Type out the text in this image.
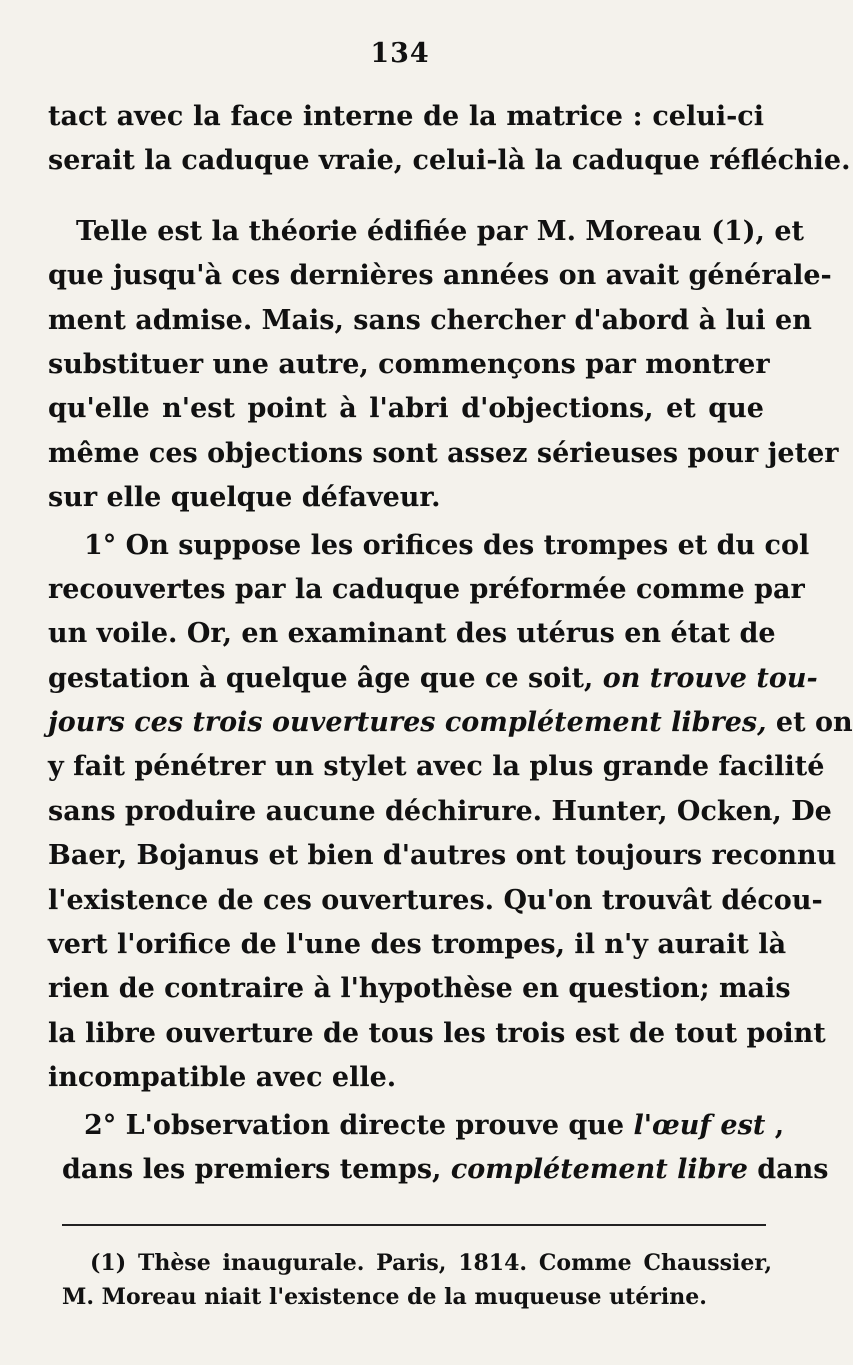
134
tact avec la face interne de la matrice : celui-ci
serait la caduque vraie, celui-là la caduque réfléchie.
Telle est la théorie édifiée par M. Moreau (1), et
que jusqu'à ces dernières années on avait générale-
ment admise. Mais, sans chercher d'abord à lui en
substituer une autre, commençons par montrer
qu'elle n'est point à l'abri d'objections, et que
même ces objections sont assez sérieuses pour jeter
sur elle quelque défaveur.
1° On suppose les orifices des trompes et du col
recouvertes par la caduque préformée comme par
un voile. Or, en examinant des utérus en état de
gestation à quelque âge que ce soit, on trouve tou-
jours ces trois ouvertures complétement libres, et on
y fait pénétrer un stylet avec la plus grande facilité
sans produire aucune déchirure. Hunter, Ocken, De
Baer, Bojanus et bien d'autres ont toujours reconnu
l'existence de ces ouvertures. Qu'on trouvât décou-
vert l'orifice de l'une des trompes, il n'y aurait là
rien de contraire à l'hypothèse en question; mais
la libre ouverture de tous les trois est de tout point
incompatible avec elle.
2° L'observation directe prouve que l'œuf est ,
dans les premiers temps, complétement libre dans
(1) Thèse inaugurale. Paris, 1814. Comme Chaussier,
M. Moreau niait l'existence de la muqueuse utérine.
